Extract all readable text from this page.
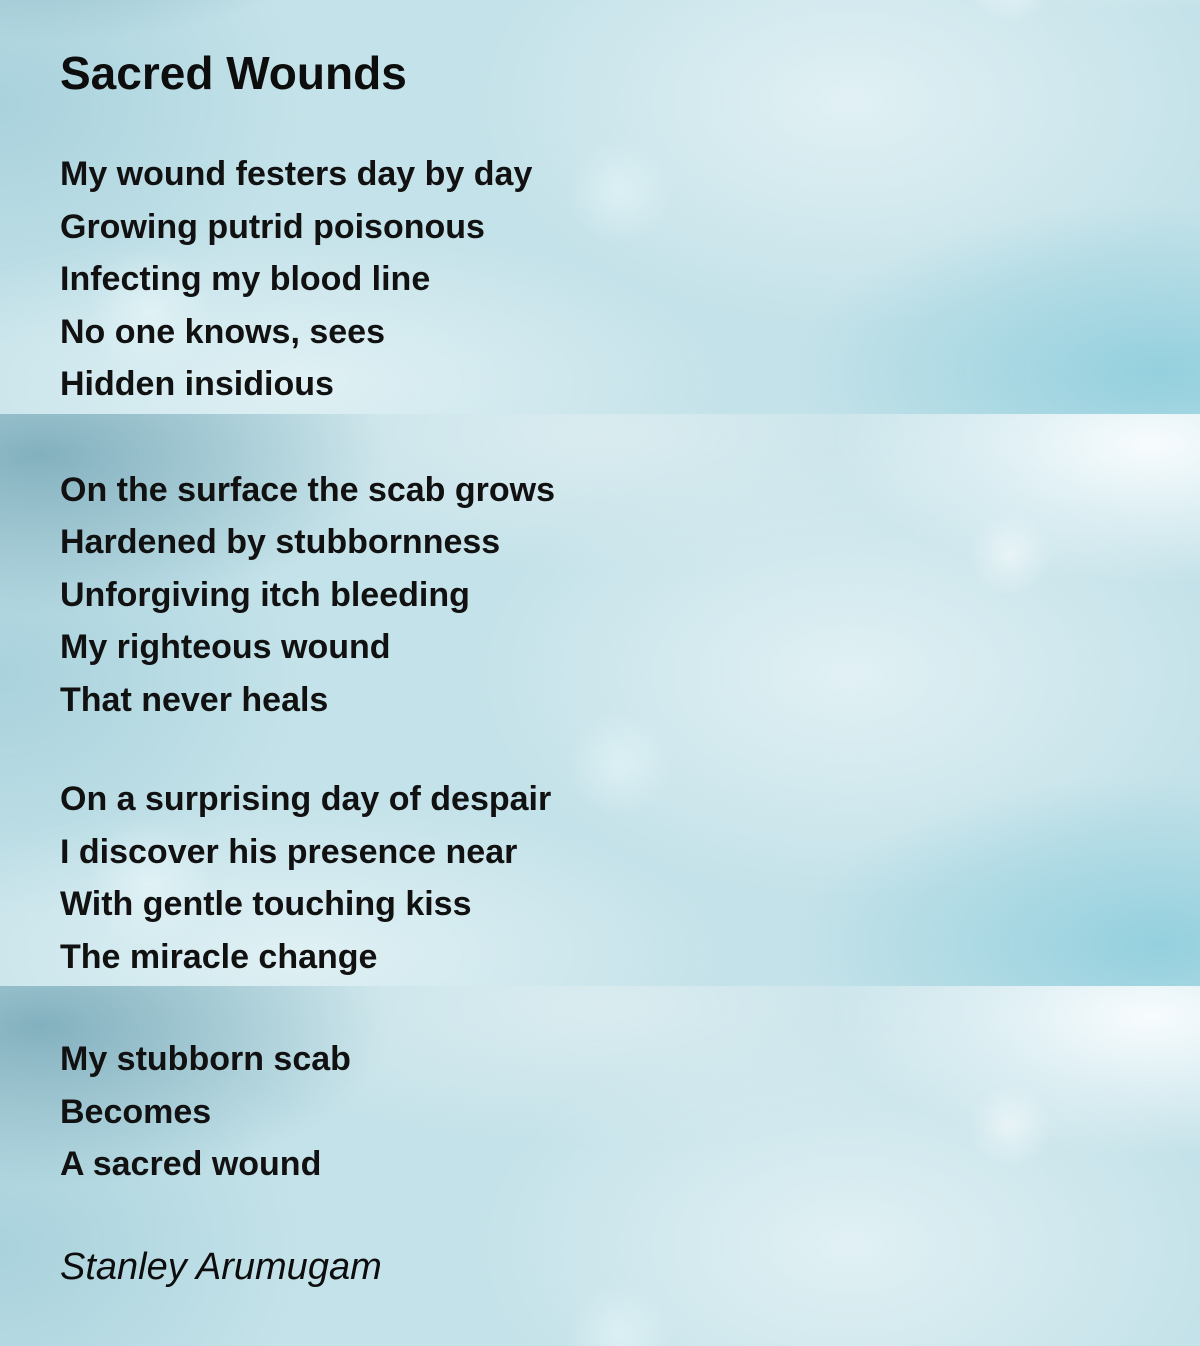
Sacred Wounds

My wound festers day by day

Growing putrid poisonous

Infecting my blood line

No one knows, sees

Hidden insidious

On the surface the scab grows

Hardened by stubbornness

Unforgiving itch bleeding

My righteous wound

That never heals

On a surprising day of despair

I discover his presence near

With gentle touching kiss

The miracle change

My stubborn scab

Becomes

A sacred wound

Stanley Arumugam
